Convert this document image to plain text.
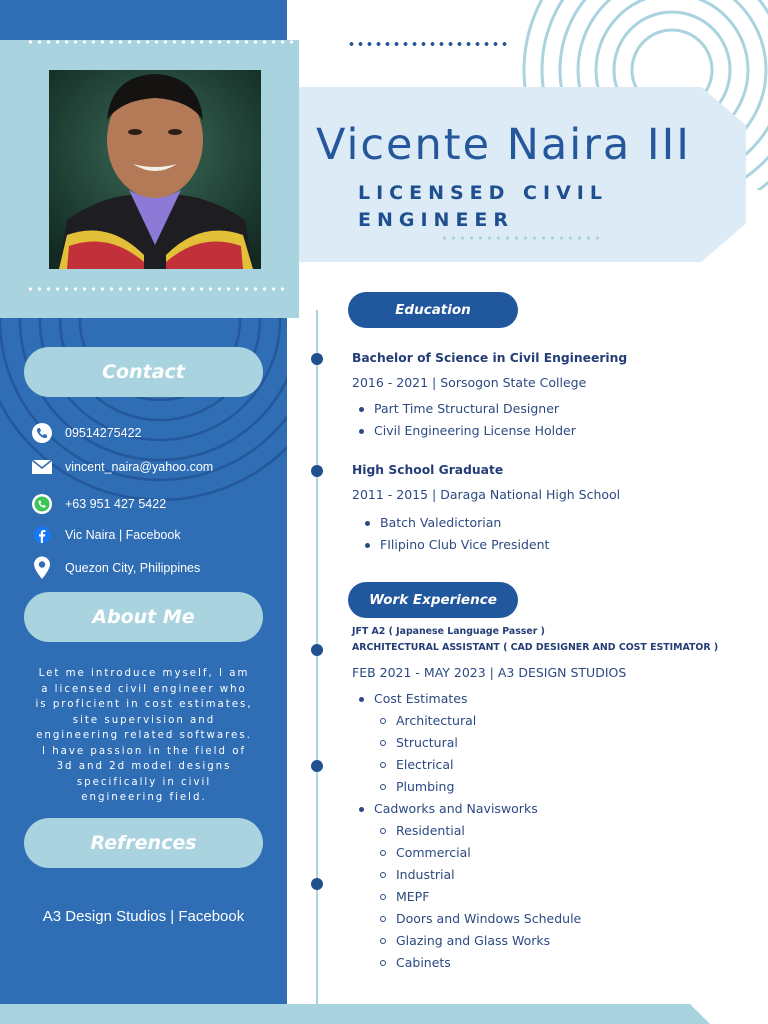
Contact
09514275422
vincent_naira@yahoo.com
+63 951 427 5422
Vic Naira | Facebook
Quezon City, Philippines
About Me
Let me introduce myself, I am a licensed civil engineer who is proficient in cost estimates, site supervision and engineering related softwares. I have passion in the field of 3d and 2d model designs specifically in civil engineering field.
Refrences
A3 Design Studios | Facebook
Vicente Naira III
LICENSED CIVIL ENGINEER
Education
Bachelor of Science in Civil Engineering
2016 - 2021 | Sorsogon State College
Part Time Structural Designer
Civil Engineering License Holder
High School Graduate
2011 - 2015 | Daraga National High School
Batch Valedictorian
FIlipino Club Vice President
Work Experience
JFT A2 ( Japanese Language Passer )
ARCHITECTURAL ASSISTANT ( CAD DESIGNER AND COST ESTIMATOR )
FEB 2021 - MAY 2023 | A3 DESIGN STUDIOS
Cost Estimates
Architectural
Structural
Electrical
Plumbing
Cadworks and Navisworks
Residential
Commercial
Industrial
MEPF
Doors and Windows Schedule
Glazing and Glass Works
Cabinets
